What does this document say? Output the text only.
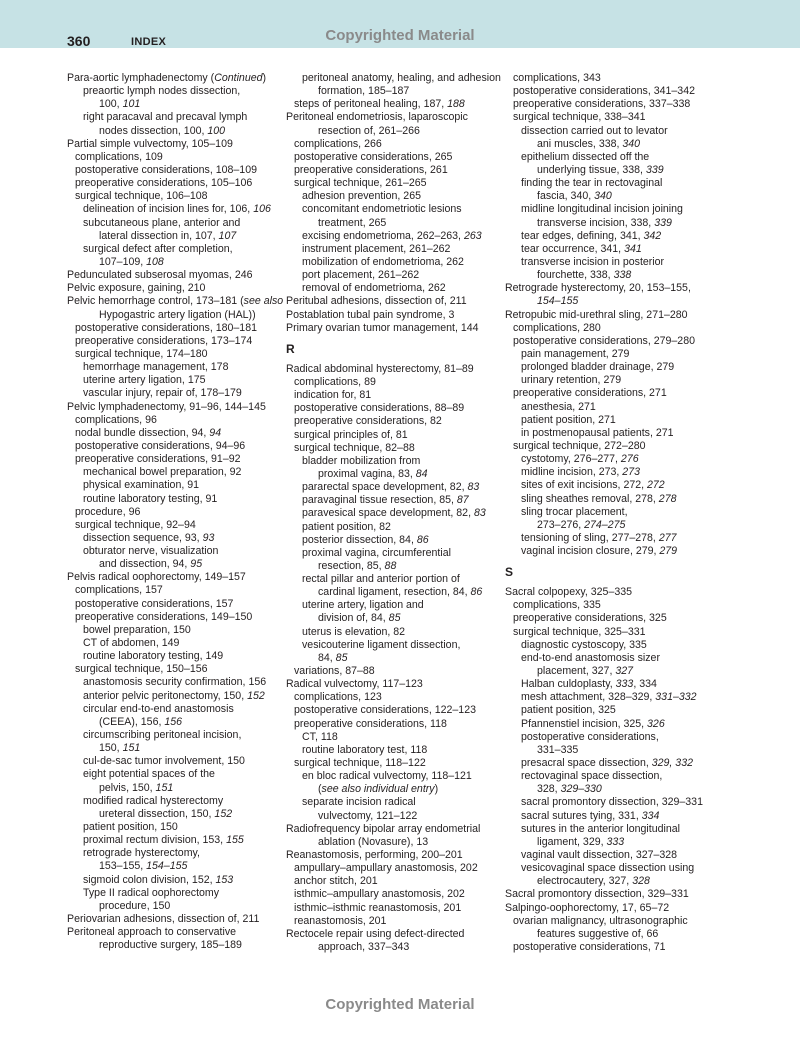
360	INDEX	Copyrighted Material
Para-aortic lymphadenectomy (Continued)
preaortic lymph nodes dissection,
100, 101
right paracaval and precaval lymph
nodes dissection, 100, 100
Partial simple vulvectomy, 105–109
complications, 109
postoperative considerations, 108–109
preoperative considerations, 105–106
surgical technique, 106–108
delineation of incision lines for, 106, 106
subcutaneous plane, anterior and
lateral dissection in, 107, 107
surgical defect after completion,
107–109, 108
Pedunculated subserosal myomas, 246
Pelvic exposure, gaining, 210
Pelvic hemorrhage control, 173–181 (see also
Hypogastric artery ligation (HAL))
postoperative considerations, 180–181
preoperative considerations, 173–174
surgical technique, 174–180
hemorrhage management, 178
uterine artery ligation, 175
vascular injury, repair of, 178–179
Pelvic lymphadenectomy, 91–96, 144–145
complications, 96
nodal bundle dissection, 94, 94
postoperative considerations, 94–96
preoperative considerations, 91–92
mechanical bowel preparation, 92
physical examination, 91
routine laboratory testing, 91
procedure, 96
surgical technique, 92–94
dissection sequence, 93, 93
obturator nerve, visualization
and dissection, 94, 95
Pelvis radical oophorectomy, 149–157
complications, 157
postoperative considerations, 157
preoperative considerations, 149–150
bowel preparation, 150
CT of abdomen, 149
routine laboratory testing, 149
surgical technique, 150–156
anastomosis security confirmation, 156
anterior pelvic peritonectomy, 150, 152
circular end-to-end anastomosis
(CEEA), 156, 156
circumscribing peritoneal incision,
150, 151
cul-de-sac tumor involvement, 150
eight potential spaces of the
pelvis, 150, 151
modified radical hysterectomy
ureteral dissection, 150, 152
patient position, 150
proximal rectum division, 153, 155
retrograde hysterectomy,
153–155, 154–155
sigmoid colon division, 152, 153
Type II radical oophorectomy
procedure, 150
Periovarian adhesions, dissection of, 211
Peritoneal approach to conservative
reproductive surgery, 185–189
peritoneal anatomy, healing, and adhesion
formation, 185–187
steps of peritoneal healing, 187, 188
Peritoneal endometriosis, laparoscopic
resection of, 261–266
complications, 266
postoperative considerations, 265
preoperative considerations, 261
surgical technique, 261–265
adhesion prevention, 265
concomitant endometriotic lesions
treatment, 265
excising endometrioma, 262–263, 263
instrument placement, 261–262
mobilization of endometrioma, 262
port placement, 261–262
removal of endometrioma, 262
Peritubal adhesions, dissection of, 211
Postablation tubal pain syndrome, 3
Primary ovarian tumor management, 144
R
Radical abdominal hysterectomy, 81–89
complications, 89
indication for, 81
postoperative considerations, 88–89
preoperative considerations, 82
surgical principles of, 81
surgical technique, 82–88
bladder mobilization from
proximal vagina, 83, 84
pararectal space development, 82, 83
paravaginal tissue resection, 85, 87
paravesical space development, 82, 83
patient position, 82
posterior dissection, 84, 86
proximal vagina, circumferential
resection, 85, 88
rectal pillar and anterior portion of
cardinal ligament, resection, 84, 86
uterine artery, ligation and
division of, 84, 85
uterus is elevation, 82
vesicouterine ligament dissection,
84, 85
variations, 87–88
Radical vulvectomy, 117–123
complications, 123
postoperative considerations, 122–123
preoperative considerations, 118
CT, 118
routine laboratory test, 118
surgical technique, 118–122
en bloc radical vulvectomy, 118–121
(see also individual entry)
separate incision radical
vulvectomy, 121–122
Radiofrequency bipolar array endometrial
ablation (Novasure), 13
Reanastomosis, performing, 200–201
ampullary–ampullary anastomosis, 202
anchor stitch, 201
isthmic–ampullary anastomosis, 202
isthmic–isthmic reanastomosis, 201
reanastomosis, 201
Rectocele repair using defect-directed
approach, 337–343
complications, 343
postoperative considerations, 341–342
preoperative considerations, 337–338
surgical technique, 338–341
dissection carried out to levator
ani muscles, 338, 340
epithelium dissected off the
underlying tissue, 338, 339
finding the tear in rectovaginal
fascia, 340, 340
midline longitudinal incision joining
transverse incision, 338, 339
tear edges, defining, 341, 342
tear occurrence, 341, 341
transverse incision in posterior
fourchette, 338, 338
Retrograde hysterectomy, 20, 153–155,
154–155
Retropubic mid-urethral sling, 271–280
complications, 280
postoperative considerations, 279–280
pain management, 279
prolonged bladder drainage, 279
urinary retention, 279
preoperative considerations, 271
anesthesia, 271
patient position, 271
in postmenopausal patients, 271
surgical technique, 272–280
cystotomy, 276–277, 276
midline incision, 273, 273
sites of exit incisions, 272, 272
sling sheathes removal, 278, 278
sling trocar placement,
273–276, 274–275
tensioning of sling, 277–278, 277
vaginal incision closure, 279, 279
S
Sacral colpopexy, 325–335
complications, 335
preoperative considerations, 325
surgical technique, 325–331
diagnostic cystoscopy, 335
end-to-end anastomosis sizer
placement, 327, 327
Halban culdoplasty, 333, 334
mesh attachment, 328–329, 331–332
patient position, 325
Pfannenstiel incision, 325, 326
postoperative considerations,
331–335
presacral space dissection, 329, 332
rectovaginal space dissection,
328, 329–330
sacral promontory dissection, 329–331
sacral sutures tying, 331, 334
sutures in the anterior longitudinal
ligament, 329, 333
vaginal vault dissection, 327–328
vesicovaginal space dissection using
electrocautery, 327, 328
Sacral promontory dissection, 329–331
Salpingo-oophorectomy, 17, 65–72
ovarian malignancy, ultrasonographic
features suggestive of, 66
postoperative considerations, 71
Copyrighted Material
